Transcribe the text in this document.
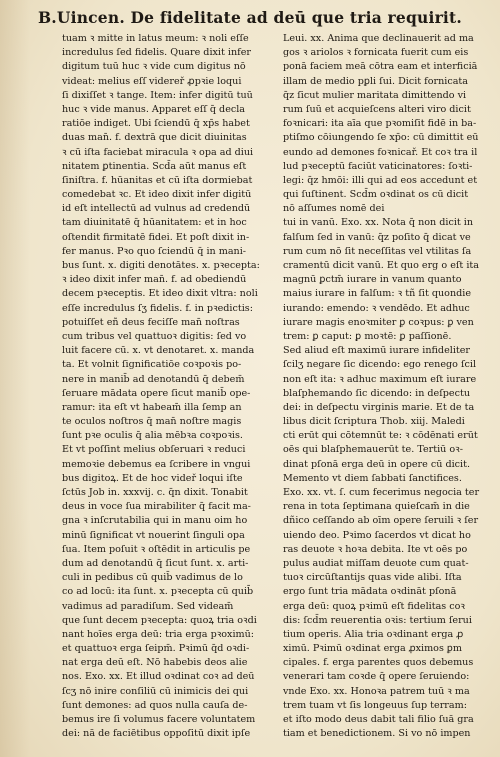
B.Uincen. De fidelitate ad deū que tria requirit.
tuam ꝛ mitte in latus meum: ꝛ noli eſſe
incredulus ſed fidelis. Quare dixit infer
digitum tuū huc ꝛ vide cum digitus nō
videat: melius eſſ videreř ꝓpꝛie loqui
ſi dixiſſet ꝛ tange. Item: infer digitū tuū
huc ꝛ vide manus. Apparet eſſ q̄ decla
ratiōe indiget. Ubi ſciendū q̄ xp̄s habet
duas man̄. f. dextrā que dicit diuinitas
ꝛ cū iſta faciebat miracula ꝛ opa ad diui
nitatem ꝑtinentia. Scd̄a aūt manus eſt
ſiniſtra. f. hūanitas et cū iſta dormiebat
comedebat ꝛc. Et ideo dixit infer digitū
id eſt intellectū ad vulnus ad credendū
tam diuinitatē q̄ hūanitatem: et in hoc
oſtendit firmitatē fidei. Et poſt dixit in-
fer manus. Pꝛo quo ſciendū q̄ in mani-
bus ſunt. x. digiti denotātes. x. pꝛecepta:
ꝛ ideo dixit infer man̄. f. ad obediendū
decem pꝛeceptis. Et ideo dixit vltra: noli
eſſe incredulus ſʒ fidelis. f. in pꝛedictis:
potuiſſet eñ deus feciſſe man̄ noſtras
cum tribus vel quattuoꝛ digitis: ſed vo
luit facere cū. x. vt denotaret. x. manda
ta. Et volnit ſignificatiōe coꝛpoꝛis po-
nere in manib̄ ad denotandū q̄ debem̄
ſeruare mādata opere ſicut manib̄ ope-
ramur: ita eſt vt habeam̄ illa ſemp an
te oculos noſtros q̄ man̄ noſtre magis
ſunt pꝛe oculis q̄ alia mēbꝛa coꝛpoꝛis.
Et vt poſſint melius obſeruari ꝛ reduci
memoꝛie debemus ea ſcribere in vngui
bus digitoꝝ. Et de hoc videř loqui iſte
ſctūs Job in. xxxvij. c. q̄n dixit. Tonabit
deus in voce ſua mirabiliter q̄ facit ma-
gna ꝛ inſcrutabilia qui in manu oim ho
minū ſignificat vt nouerint ſinguli opa
ſua. Item poſuit ꝛ oſtēdit in articulis pe
dum ad denotandū q̄ ſicut ſunt. x. arti-
culi in pedibus cū quib̄ vadimus de lo
co ad locū: ita ſunt. x. pꝛecepta cū quib̄
vadimus ad paradiſum. Sed videam̄
que ſunt decem pꝛecepta: quoꝝ tria oꝛdi
nant hoīes erga deū: tria erga pꝛoximū:
et quattuoꝛ erga ſeipm̄. Pꝛimū q̄d oꝛdi-
nat erga deū eſt. Nō habebis deos alie
nos. Exo. xx. Et illud oꝛdinat coꝛ ad deū
ſcʒ nō inire conſiliū cū inimicis dei qui
ſunt demones: ad quos nulla cauſa de-
bemus ire ſi volumus facere voluntatem
dei: nā de faciētibus oppoſitū dixit ipſe
Leui. xx. Anima que declinauerit ad ma
gos ꝛ ariolos ꝛ fornicata fuerit cum eis
ponā faciem meā cōtra eam et interficiā
illam de medio pꝑli ſui. Dicit fornicata
q̄z ſicut mulier maritata dimittendo vi
rum ſuū et acquieſcens alteri viro dicit
foꝛnicari: ita aīa que pꝛomiſit fidē in ba-
ptiſmo cōiungendo ſe xp̄o: cū dimittit eū
eundo ad demones foꝛnicař. Et coꝛ tra il
lud pꝛeceptū faciūt vaticinatores: ſoꝛti-
legi: q̄z hmōi: illi qui ad eos accedunt et
qui ſuſtinent. Scd̄m oꝛdinat os cū dicit
nō aſſumes nomē dei
tui in vanū. Exo. xx. Nota q̄ non dicit in
falſum ſed in vanū: q̄z poſito q̄ dicat ve
rum cum nō ſit neceſſitas vel vtilitas ſa
cramentū dicit vanū. Et quo erg o eſt ita
magnū ꝑctm̄ iurare in vanum quanto
maius iurare in falſum: ꝛ tñ ſit quondie
iurando: emendo: ꝛ vendēdo. Et adhuc
iurare magis enoꝛmiter ꝑ coꝛpus: ꝑ ven
trem: ꝑ caput: ꝑ moꝛtē: ꝑ paſſionē.
Sed aliud eſt maximū iurare infideliter
ſcilʒ negare ſic dicendo: ego renego ſcil
non eſt ita: ꝛ adhuc maximum eſt iurare
blaſphemando ſic dicendo: in deſpectu
dei: in deſpectu virginis marie. Et de ta
libus dicit ſcriptura Thob. xiij. Maledi
cti erūt qui cōtemnūt te: ꝛ cōdēnati erūt
oēs qui blaſphemauerūt te. Tertiū oꝛ-
dinat pſonā erga deū in opere cū dicit.
Memento vt diem ſabbati ſanctifices.
Exo. xx. vt. ſ. cum fecerimus negocia ter
rena in tota ſeptimana quieſcam̄ in die
dñico ceſſando ab oīm opere ſeruili ꝛ ſer
uiendo deo. Pꝛimo ſacerdos vt dicat ho
ras deuote ꝛ hoꝛa debita. Ite vt oēs po
pulus audiat miſſam deuote cum quat-
tuoꝛ circūſtantijs quas vide alibi. Iſta
ergo ſunt tria mādata oꝛdināt pſonā
erga deū: quoꝝ pꝛimū eſt fidelitas coꝛ
dis: ſcd̄m reuerentia oꝛis: tertium ſerui
tium operis. Alia tria oꝛdinant erga ꝓ
ximū. Pꝛimū oꝛdinat erga ꝓximos ꝑm
cipales. f. erga parentes quos debemus
venerari tam coꝛde q̄ opere ſeruiendo:
vnde Exo. xx. Honoꝛa patrem tuū ꝛ ma
trem tuam vt ſis longeuus ſup terram:
et iſto modo deus dabit tali filio ſuā gra
tiam et benedictionem. Si vo nō impen
